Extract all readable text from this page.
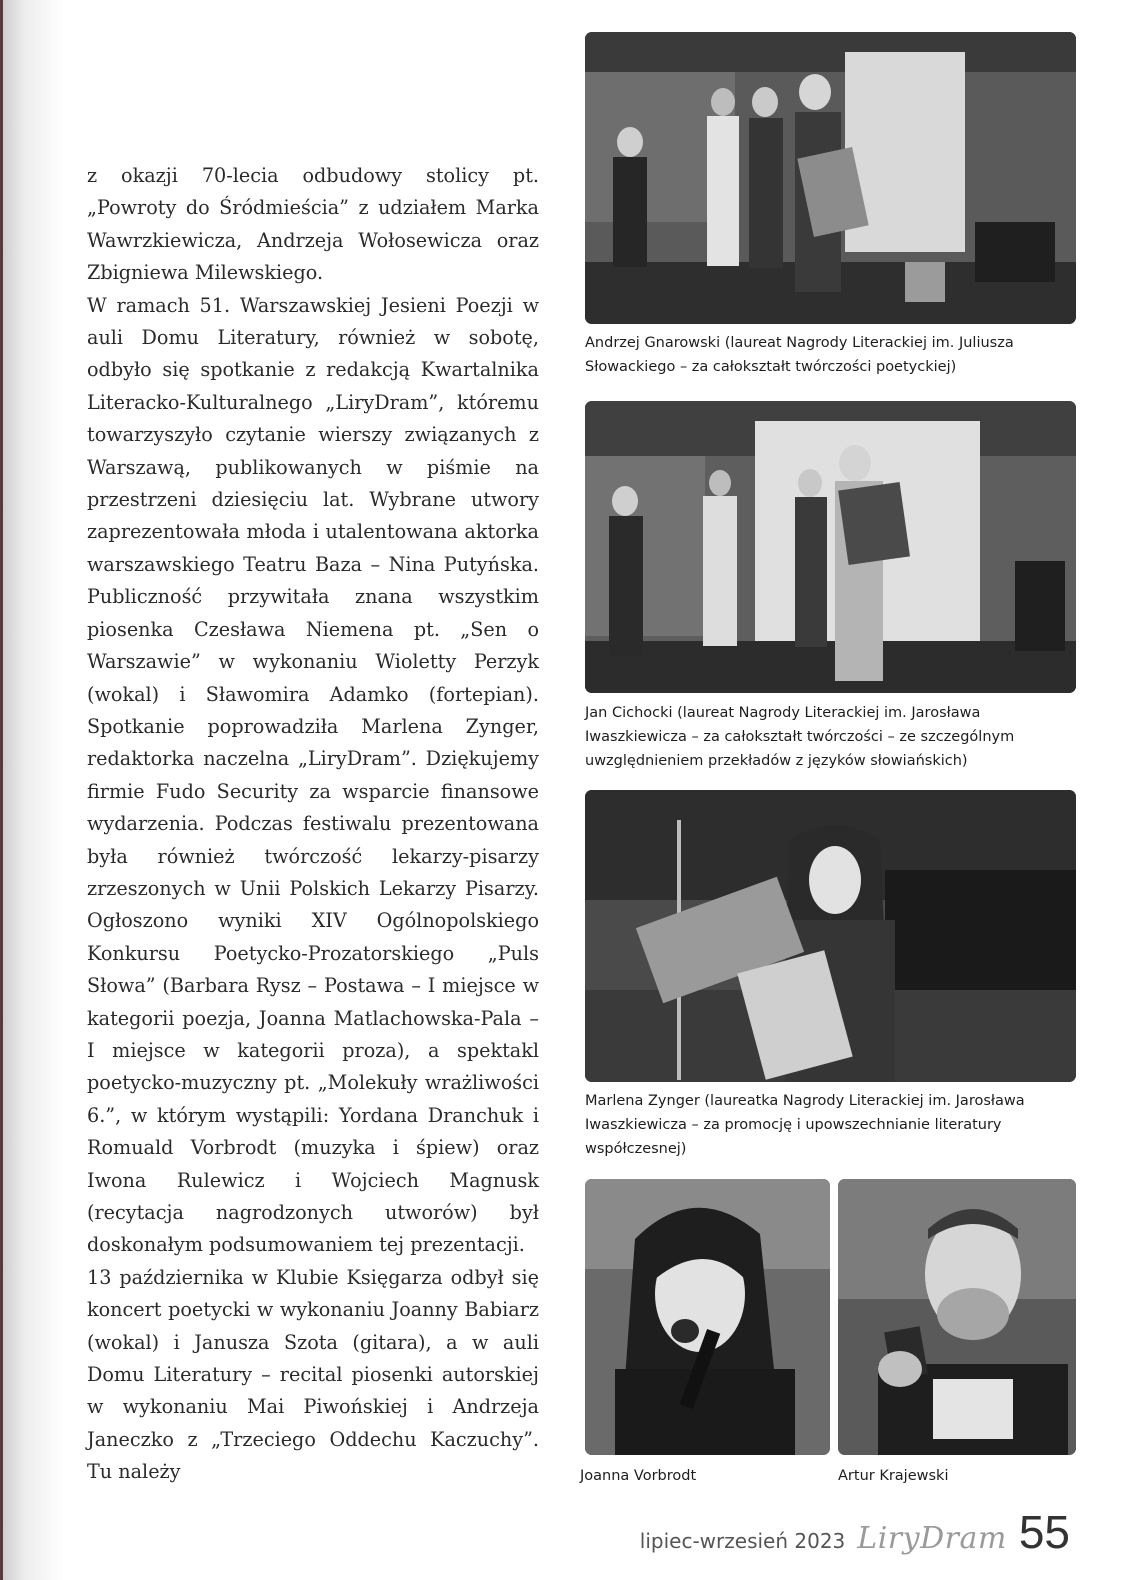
z okazji 70-lecia odbudowy stolicy pt. „Powroty do Śródmieścia” z udziałem Marka Wawrzkiewicza, Andrzeja Wołosewicza oraz Zbigniewa Milewskiego.

W ramach 51. Warszawskiej Jesieni Poezji w auli Domu Literatury, również w sobotę, odbyło się spotkanie z redakcją Kwartalnika Literacko-Kulturalnego „LiryDram”, któremu towarzyszyło czytanie wierszy związanych z Warszawą, publikowanych w piśmie na przestrzeni dziesięciu lat. Wybrane utwory zaprezentowała młoda i utalentowana aktorka warszawskiego Teatru Baza – Nina Putyńska. Publiczność przywitała znana wszystkim piosenka Czesława Niemena pt. „Sen o Warszawie” w wykonaniu Wioletty Perzyk (wokal) i Sławomira Adamko (fortepian). Spotkanie poprowadziła Marlena Zynger, redaktorka naczelna „LiryDram”. Dziękujemy firmie Fudo Security za wsparcie finansowe wydarzenia. Podczas festiwalu prezentowana była również twórczość lekarzy-pisarzy zrzeszonych w Unii Polskich Lekarzy Pisarzy. Ogłoszono wyniki XIV Ogólnopolskiego Konkursu Poetycko-Prozatorskiego „Puls Słowa” (Barbara Rysz – Postawa – I miejsce w kategorii poezja, Joanna Matlachowska-Pala – I miejsce w kategorii proza), a spektakl poetycko-muzyczny pt. „Molekuły wrażliwości 6.”, w którym wystąpili: Yordana Dranchuk i Romuald Vorbrodt (muzyka i śpiew) oraz Iwona Rulewicz i Wojciech Magnusk (recytacja nagrodzonych utworów) był doskonałym podsumowaniem tej prezentacji.

13 października w Klubie Księgarza odbył się koncert poetycki w wykonaniu Joanny Babiarz (wokal) i Janusza Szota (gitara), a w auli Domu Literatury – recital piosenki autorskiej w wykonaniu Mai Piwońskiej i Andrzeja Janeczko z „Trzeciego Oddechu Kaczuchy”. Tu należy

Andrzej Gnarowski (laureat Nagrody Literackiej im. Juliusza Słowackiego – za całokształt twórczości poetyckiej)
Jan Cichocki (laureat Nagrody Literackiej im. Jarosława Iwaszkiewicza – za całokształt twórczości – ze szczególnym uwzględnieniem przekładów z języków słowiańskich)
Marlena Zynger (laureatka Nagrody Literackiej im. Jarosława Iwaszkiewicza – za promocję i upowszechnianie literatury współczesnej)
Joanna Vorbrodt	Artur Krajewski
lipiec-wrzesień 2023 LiryDram 55
